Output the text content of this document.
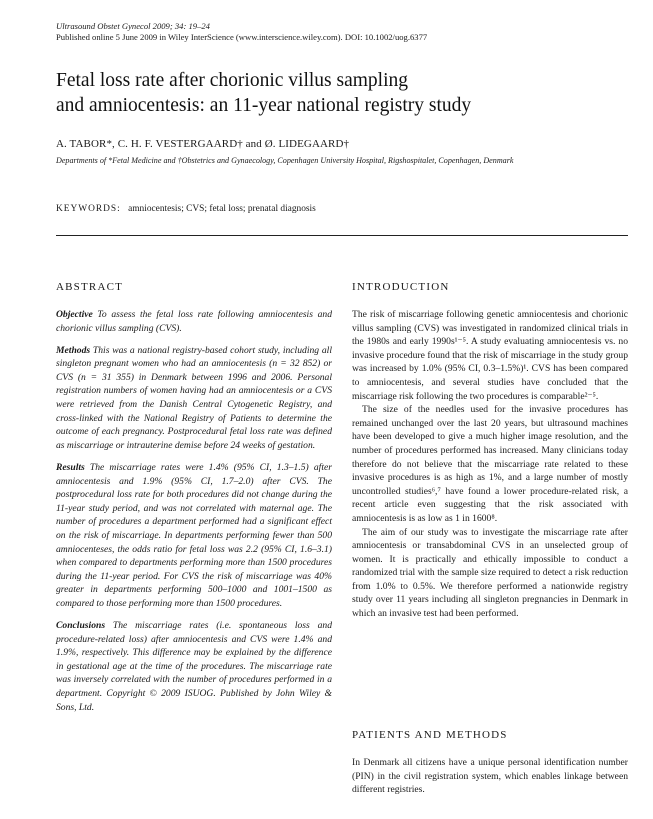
Ultrasound Obstet Gynecol 2009; 34: 19–24
Published online 5 June 2009 in Wiley InterScience (www.interscience.wiley.com). DOI: 10.1002/uog.6377
Fetal loss rate after chorionic villus sampling
and amniocentesis: an 11-year national registry study
A. TABOR*, C. H. F. VESTERGAARD† and Ø. LIDEGAARD†
Departments of *Fetal Medicine and †Obstetrics and Gynaecology, Copenhagen University Hospital, Rigshospitalet, Copenhagen, Denmark
KEYWORDS: amniocentesis; CVS; fetal loss; prenatal diagnosis
ABSTRACT

Objective To assess the fetal loss rate following amniocentesis and chorionic villus sampling (CVS).

Methods This was a national registry-based cohort study, including all singleton pregnant women who had an amniocentesis (n = 32 852) or CVS (n = 31 355) in Denmark between 1996 and 2006. Personal registration numbers of women having had an amniocentesis or a CVS were retrieved from the Danish Central Cytogenetic Registry, and cross-linked with the National Registry of Patients to determine the outcome of each pregnancy. Postprocedural fetal loss rate was defined as miscarriage or intrauterine demise before 24 weeks of gestation.

Results The miscarriage rates were 1.4% (95% CI, 1.3–1.5) after amniocentesis and 1.9% (95% CI, 1.7–2.0) after CVS. The postprocedural loss rate for both procedures did not change during the 11-year study period, and was not correlated with maternal age. The number of procedures a department performed had a significant effect on the risk of miscarriage. In departments performing fewer than 500 amniocenteses, the odds ratio for fetal loss was 2.2 (95% CI, 1.6–3.1) when compared to departments performing more than 1500 procedures during the 11-year period. For CVS the risk of miscarriage was 40% greater in departments performing 500–1000 and 1001–1500 as compared to those performing more than 1500 procedures.

Conclusions The miscarriage rates (i.e. spontaneous loss and procedure-related loss) after amniocentesis and CVS were 1.4% and 1.9%, respectively. This difference may be explained by the difference in gestational age at the time of the procedures. The miscarriage rate was inversely correlated with the number of procedures performed in a department. Copyright © 2009 ISUOG. Published by John Wiley & Sons, Ltd.

INTRODUCTION

The risk of miscarriage following genetic amniocentesis and chorionic villus sampling (CVS) was investigated in randomized clinical trials in the 1980s and early 1990s¹⁻⁵. A study evaluating amniocentesis vs. no invasive procedure found that the risk of miscarriage in the study group was increased by 1.0% (95% CI, 0.3–1.5%)¹. CVS has been compared to amniocentesis, and several studies have concluded that the miscarriage risk following the two procedures is comparable²⁻⁵.

The size of the needles used for the invasive procedures has remained unchanged over the last 20 years, but ultrasound machines have been developed to give a much higher image resolution, and the number of procedures performed has increased. Many clinicians today therefore do not believe that the miscarriage rate related to these invasive procedures is as high as 1%, and a large number of mostly uncontrolled studies⁶,⁷ have found a lower procedure-related risk, a recent article even suggesting that the risk associated with amniocentesis is as low as 1 in 1600⁸.

The aim of our study was to investigate the miscarriage rate after amniocentesis or transabdominal CVS in an unselected group of women. It is practically and ethically impossible to conduct a randomized trial with the sample size required to detect a risk reduction from 1.0% to 0.5%. We therefore performed a nationwide registry study over 11 years including all singleton pregnancies in Denmark in which an invasive test had been performed.

PATIENTS AND METHODS

In Denmark all citizens have a unique personal identification number (PIN) in the civil registration system, which enables linkage between different registries.
